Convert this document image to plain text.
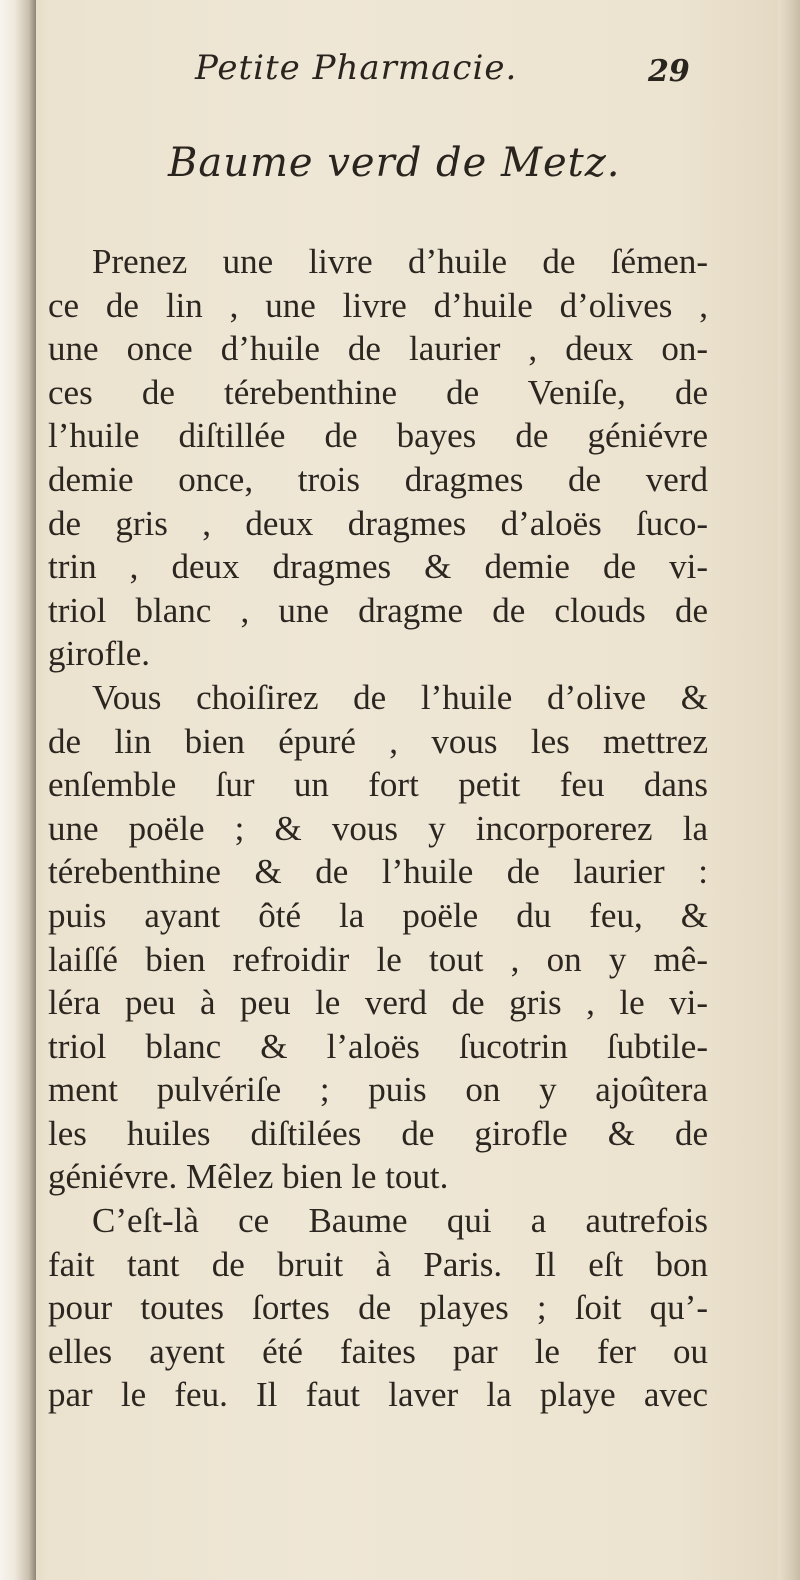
Petite Pharmacie.	29
Baume verd de Metz.
Prenez une livre d’huile de ſémen-
ce de lin , une livre d’huile d’olives ,
une once d’huile de laurier , deux on-
ces de térebenthine de Veniſe, de
l’huile diſtillée de bayes de géniévre
demie once, trois dragmes de verd
de gris , deux dragmes d’aloës ſuco-
trin , deux dragmes & demie de vi-
triol blanc , une dragme de clouds de
girofle.
Vous choiſirez de l’huile d’olive &
de lin bien épuré , vous les mettrez
enſemble ſur un fort petit feu dans
une poële ; & vous y incorporerez la
térebenthine & de l’huile de laurier :
puis ayant ôté la poële du feu, &
laiſſé bien refroidir le tout , on y mê-
léra peu à peu le verd de gris , le vi-
triol blanc & l’aloës ſucotrin ſubtile-
ment pulvériſe ; puis on y ajoûtera
les huiles diſtilées de girofle & de
géniévre. Mêlez bien le tout.
C’eſt-là ce Baume qui a autrefois
fait tant de bruit à Paris. Il eſt bon
pour toutes ſortes de playes ; ſoit qu’-
elles ayent été faites par le fer ou
par le feu. Il faut laver la playe avec
